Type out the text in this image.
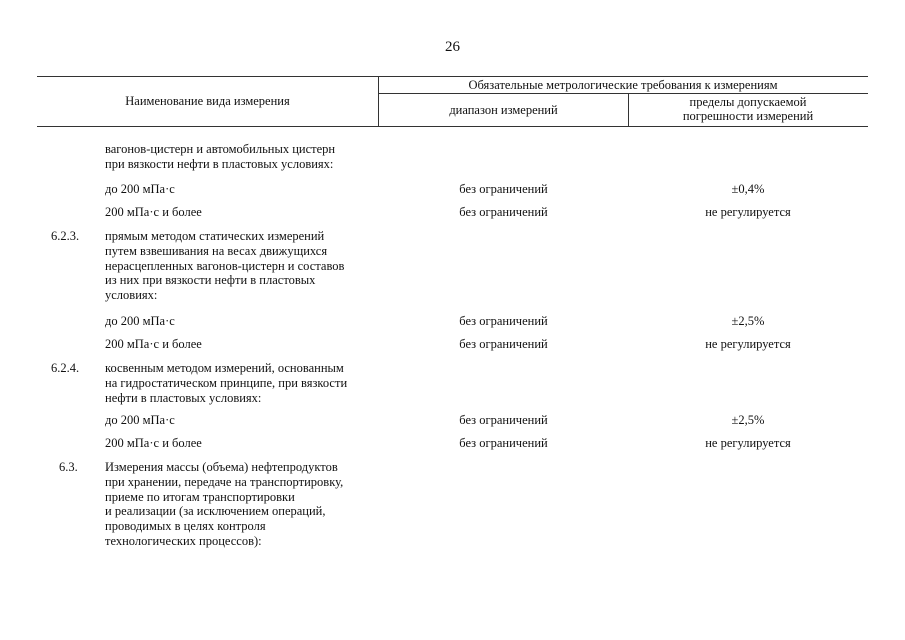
26
Наименование вида измерения
Обязательные метрологические требования к измерениям
диапазон измерений
пределы допускаемой
погрешности измерений
вагонов-цистерн и автомобильных цистерн
при вязкости нефти в пластовых условиях:
до 200 мПа·с	без ограничений	±0,4%
200 мПа·с и более	без ограничений	не регулируется
6.2.3. прямым методом статических измерений
путем взвешивания на весах движущихся
нерасцепленных вагонов-цистерн и составов
из них при вязкости нефти в пластовых
условиях:
до 200 мПа·с	без ограничений	±2,5%
200 мПа·с и более	без ограничений	не регулируется
6.2.4. косвенным методом измерений, основанным
на гидростатическом принципе, при вязкости
нефти в пластовых условиях:
до 200 мПа·с	без ограничений	±2,5%
200 мПа·с и более	без ограничений	не регулируется
6.3. Измерения массы (объема) нефтепродуктов
при хранении, передаче на транспортировку,
приеме по итогам транспортировки
и реализации (за исключением операций,
проводимых в целях контроля
технологических процессов):
